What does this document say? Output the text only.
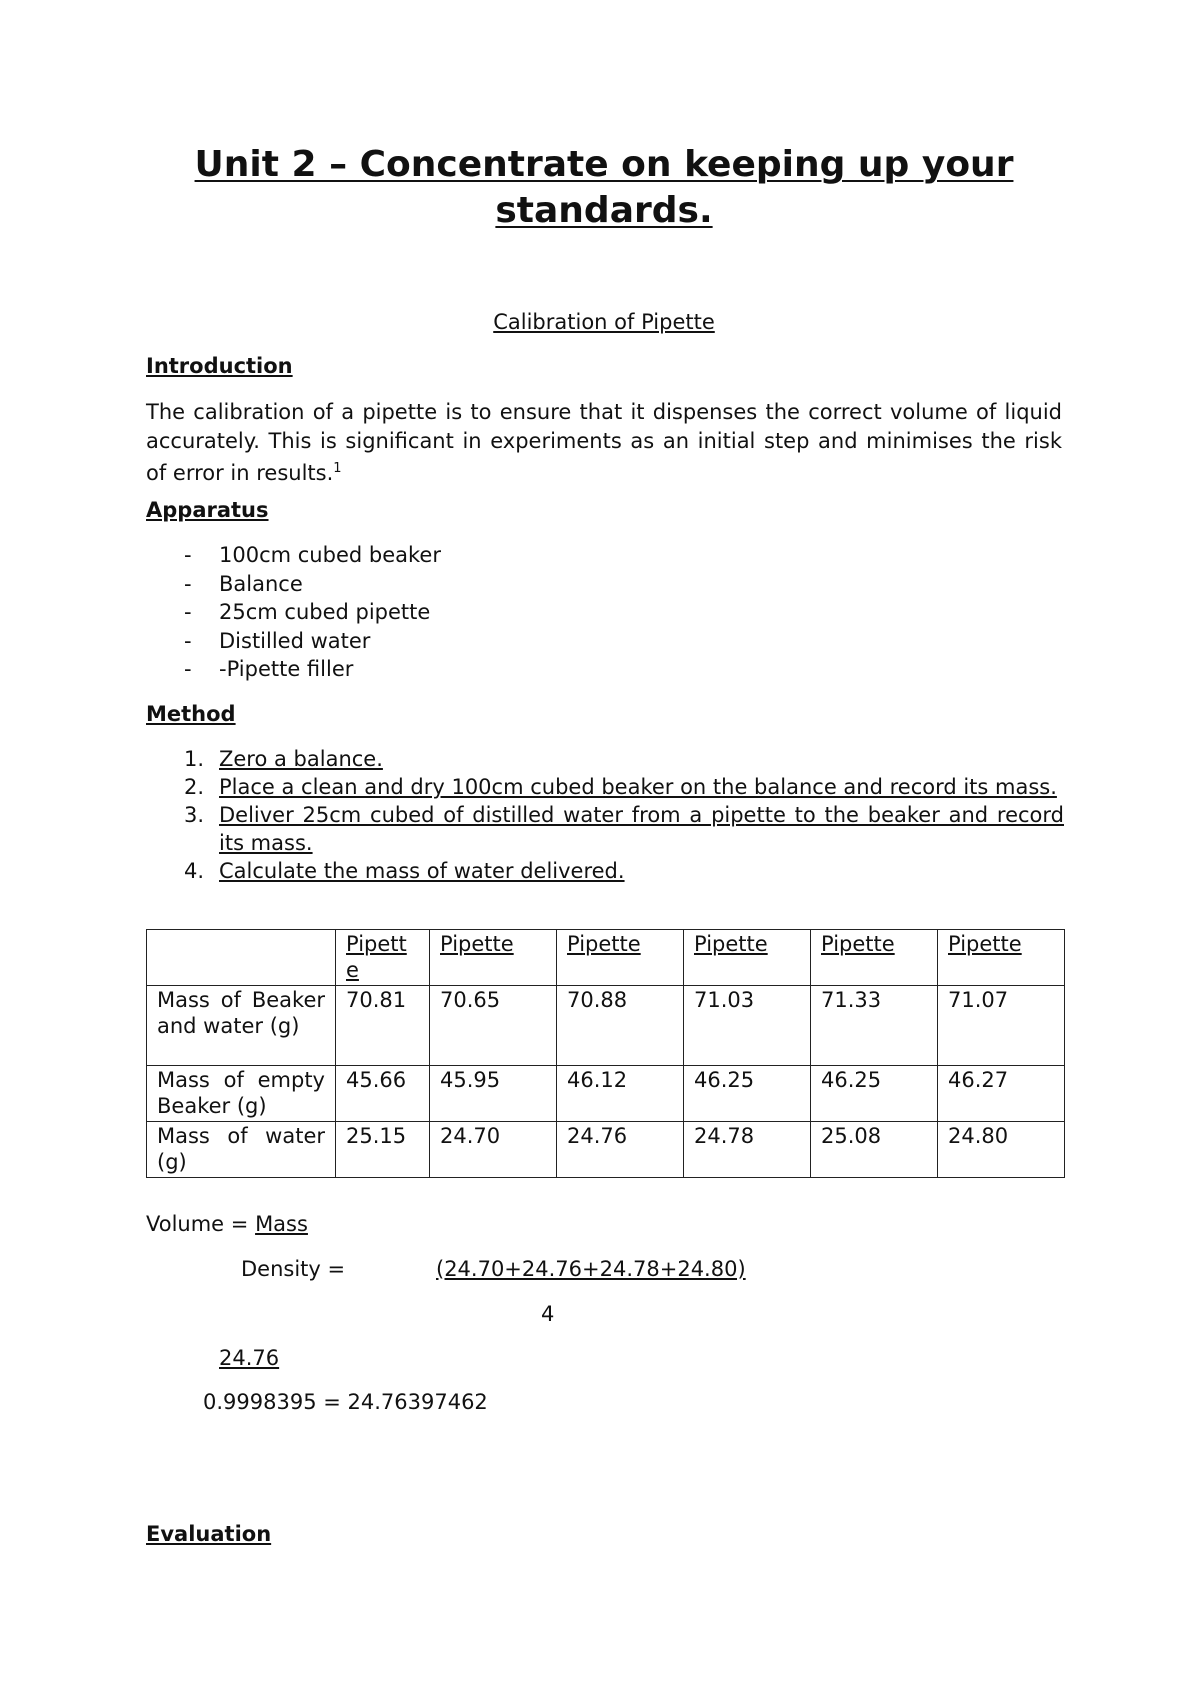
Unit 2 – Concentrate on keeping up your standards.
Calibration of Pipette
Introduction

The calibration of a pipette is to ensure that it dispenses the correct volume of liquid accurately. This is significant in experiments as an initial step and minimises the risk of error in results.$^1$

Apparatus
- 100cm cubed beaker
- Balance
- 25cm cubed pipette
- Distilled water
- -Pipette filler
Method
1. Zero a balance.
2. Place a clean and dry 100cm cubed beaker on the balance and record its mass.
3. Deliver 25cm cubed of distilled water from a pipette to the beaker and record its mass.
4. Calculate the mass of water delivered.
	Pipette	Pipette	Pipette	Pipette	Pipette	Pipette
Mass of Beaker and water (g)	70.81	70.65	70.88	71.03	71.33	71.07
Mass of empty Beaker (g)	45.66	45.95	46.12	46.25	46.25	46.27
Mass of water (g)	25.15	24.70	24.76	24.78	25.08	24.80
Volume = Mass
Density =	(24.70+24.76+24.78+24.80)
4
24.76
0.9998395 = 24.76397462
Evaluation
